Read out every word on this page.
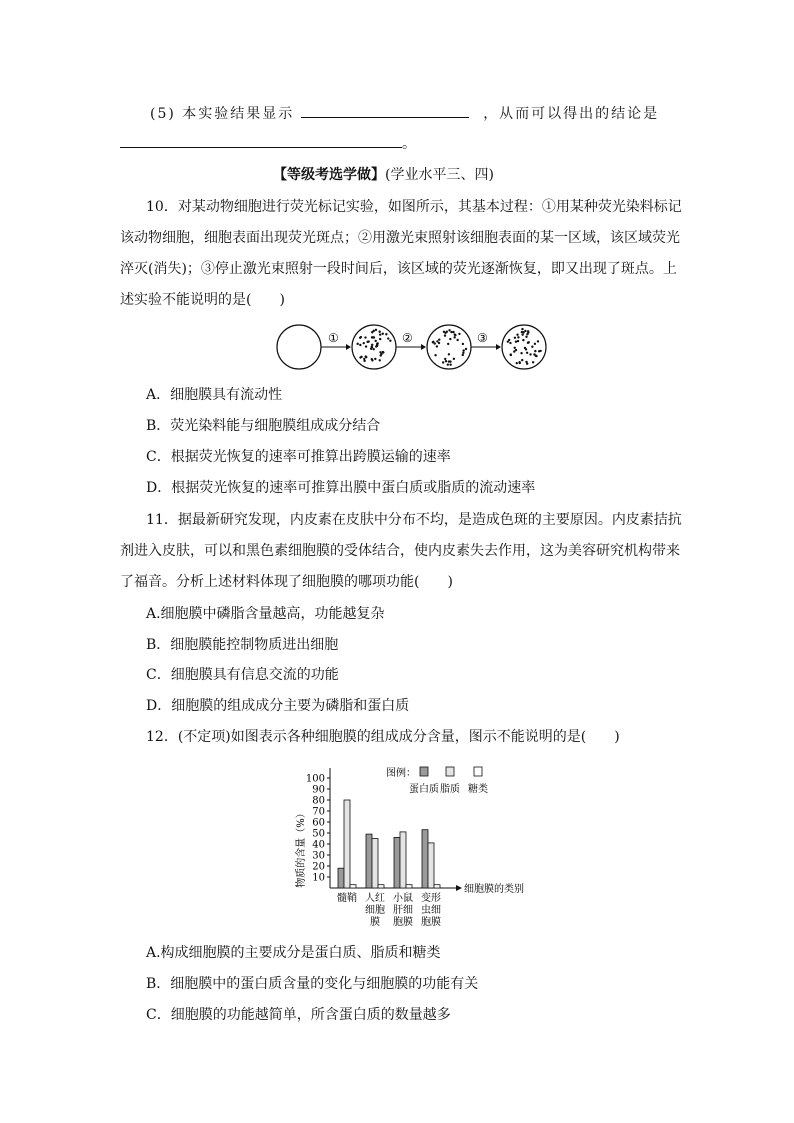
(5) 本实验结果显示	，从而可以得出的结论是
。
【等级考选学做】(学业水平三、四)
10．对某动物细胞进行荧光标记实验，如图所示，其基本过程：①用某种荧光染料标记
该动物细胞，细胞表面出现荧光斑点；②用激光束照射该细胞表面的某一区域，该区域荧光
淬灭(消失)；③停止激光束照射一段时间后，该区域的荧光逐渐恢复，即又出现了斑点。上
述实验不能说明的是(　　)
①	②	③
A．细胞膜具有流动性
B．荧光染料能与细胞膜组成成分结合
C．根据荧光恢复的速率可推算出跨膜运输的速率
D．根据荧光恢复的速率可推算出膜中蛋白质或脂质的流动速率
11．据最新研究发现，内皮素在皮肤中分布不均，是造成色斑的主要原因。内皮素拮抗
剂进入皮肤，可以和黑色素细胞膜的受体结合，使内皮素失去作用，这为美容研究机构带来
了福音。分析上述材料体现了细胞膜的哪项功能(　　)
A.细胞膜中磷脂含量越高，功能越复杂
B．细胞膜能控制物质进出细胞
C．细胞膜具有信息交流的功能
D．细胞膜的组成成分主要为磷脂和蛋白质
12．(不定项)如图表示各种细胞膜的组成成分含量，图示不能说明的是(　　)
物质的含量（%）
细胞膜的类别
图例：
10
20
30
40
50
60
70
80
90
100
蛋白质 脂质 糖类
髓鞘 人红
细胞
膜
小鼠
肝细
胞膜
变形
虫细
胞膜
A.构成细胞膜的主要成分是蛋白质、脂质和糖类
B．细胞膜中的蛋白质含量的变化与细胞膜的功能有关
C．细胞膜的功能越简单，所含蛋白质的数量越多
